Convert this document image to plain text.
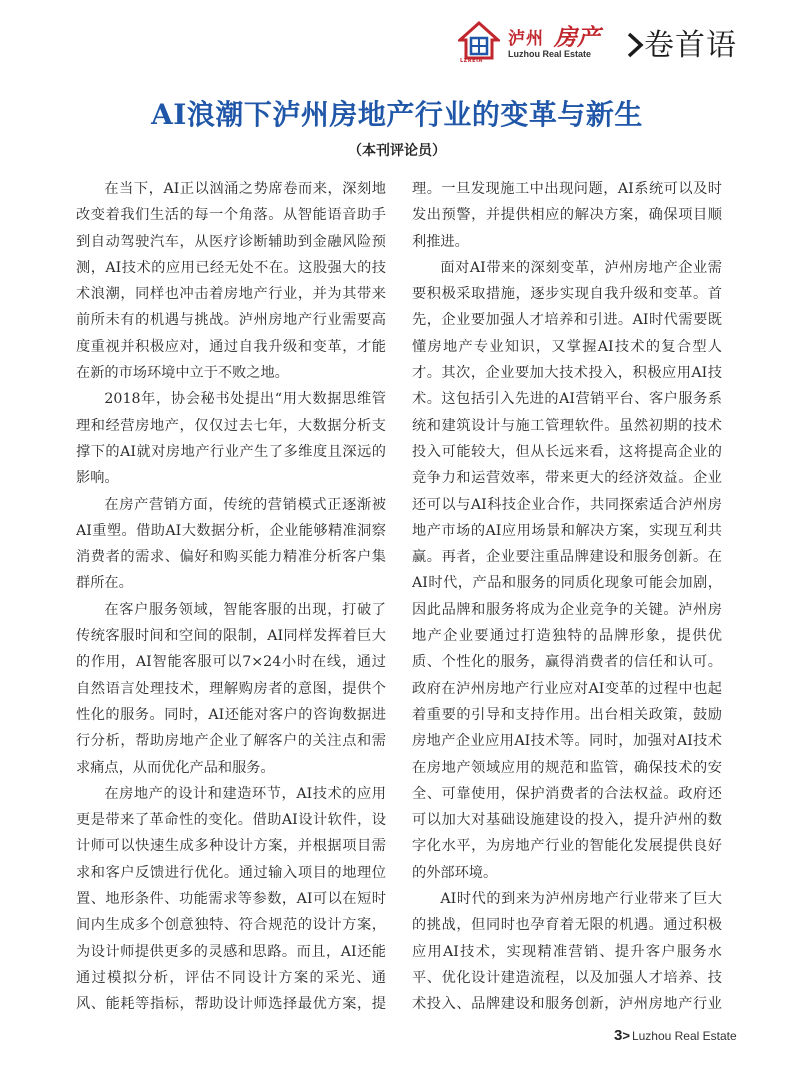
LZREIA
泸州 房产
Luzhou Real Estate 卷首语
AI浪潮下泸州房地产行业的变革与新生
（本刊评论员）

在当下，AI正以汹涌之势席卷而来，深刻地改变着我们生活的每一个角落。从智能语音助手到自动驾驶汽车，从医疗诊断辅助到金融风险预测，AI技术的应用已经无处不在。这股强大的技术浪潮，同样也冲击着房地产行业，并为其带来前所未有的机遇与挑战。泸州房地产行业需要高度重视并积极应对，通过自我升级和变革，才能在新的市场环境中立于不败之地。

2018年，协会秘书处提出“用大数据思维管理和经营房地产，仅仅过去七年，大数据分析支撑下的AI就对房地产行业产生了多维度且深远的影响。

在房产营销方面，传统的营销模式正逐渐被AI重塑。借助AI大数据分析，企业能够精准洞察消费者的需求、偏好和购买能力精准分析客户集群所在。

在客户服务领域，智能客服的出现，打破了传统客服时间和空间的限制，AI同样发挥着巨大的作用，AI智能客服可以7×24小时在线，通过自然语言处理技术，理解购房者的意图，提供个性化的服务。同时，AI还能对客户的咨询数据进行分析，帮助房地产企业了解客户的关注点和需求痛点，从而优化产品和服务。

在房地产的设计和建造环节，AI技术的应用更是带来了革命性的变化。借助AI设计软件，设计师可以快速生成多种设计方案，并根据项目需求和客户反馈进行优化。通过输入项目的地理位置、地形条件、功能需求等参数，AI可以在短时间内生成多个创意独特、符合规范的设计方案，为设计师提供更多的灵感和思路。而且，AI还能通过模拟分析，评估不同设计方案的采光、通风、能耗等指标，帮助设计师选择最优方案，提

理。一旦发现施工中出现问题，AI系统可以及时发出预警，并提供相应的解决方案，确保项目顺利推进。

面对AI带来的深刻变革，泸州房地产企业需要积极采取措施，逐步实现自我升级和变革。首先，企业要加强人才培养和引进。AI时代需要既懂房地产专业知识，又掌握AI技术的复合型人才。其次，企业要加大技术投入，积极应用AI技术。这包括引入先进的AI营销平台、客户服务系统和建筑设计与施工管理软件。虽然初期的技术投入可能较大，但从长远来看，这将提高企业的竞争力和运营效率，带来更大的经济效益。企业还可以与AI科技企业合作，共同探索适合泸州房地产市场的AI应用场景和解决方案，实现互利共赢。再者，企业要注重品牌建设和服务创新。在AI时代，产品和服务的同质化现象可能会加剧，因此品牌和服务将成为企业竞争的关键。泸州房地产企业要通过打造独特的品牌形象，提供优质、个性化的服务，赢得消费者的信任和认可。政府在泸州房地产行业应对AI变革的过程中也起着重要的引导和支持作用。出台相关政策，鼓励房地产企业应用AI技术等。同时，加强对AI技术在房地产领域应用的规范和监管，确保技术的安全、可靠使用，保护消费者的合法权益。政府还可以加大对基础设施建设的投入，提升泸州的数字化水平，为房地产行业的智能化发展提供良好的外部环境。

AI时代的到来为泸州房地产行业带来了巨大的挑战，但同时也孕育着无限的机遇。通过积极应用AI技术，实现精准营销、提升客户服务水平、优化设计建造流程，以及加强人才培养、技术投入、品牌建设和服务创新，泸州房地产行业

3> Luzhou Real Estate
